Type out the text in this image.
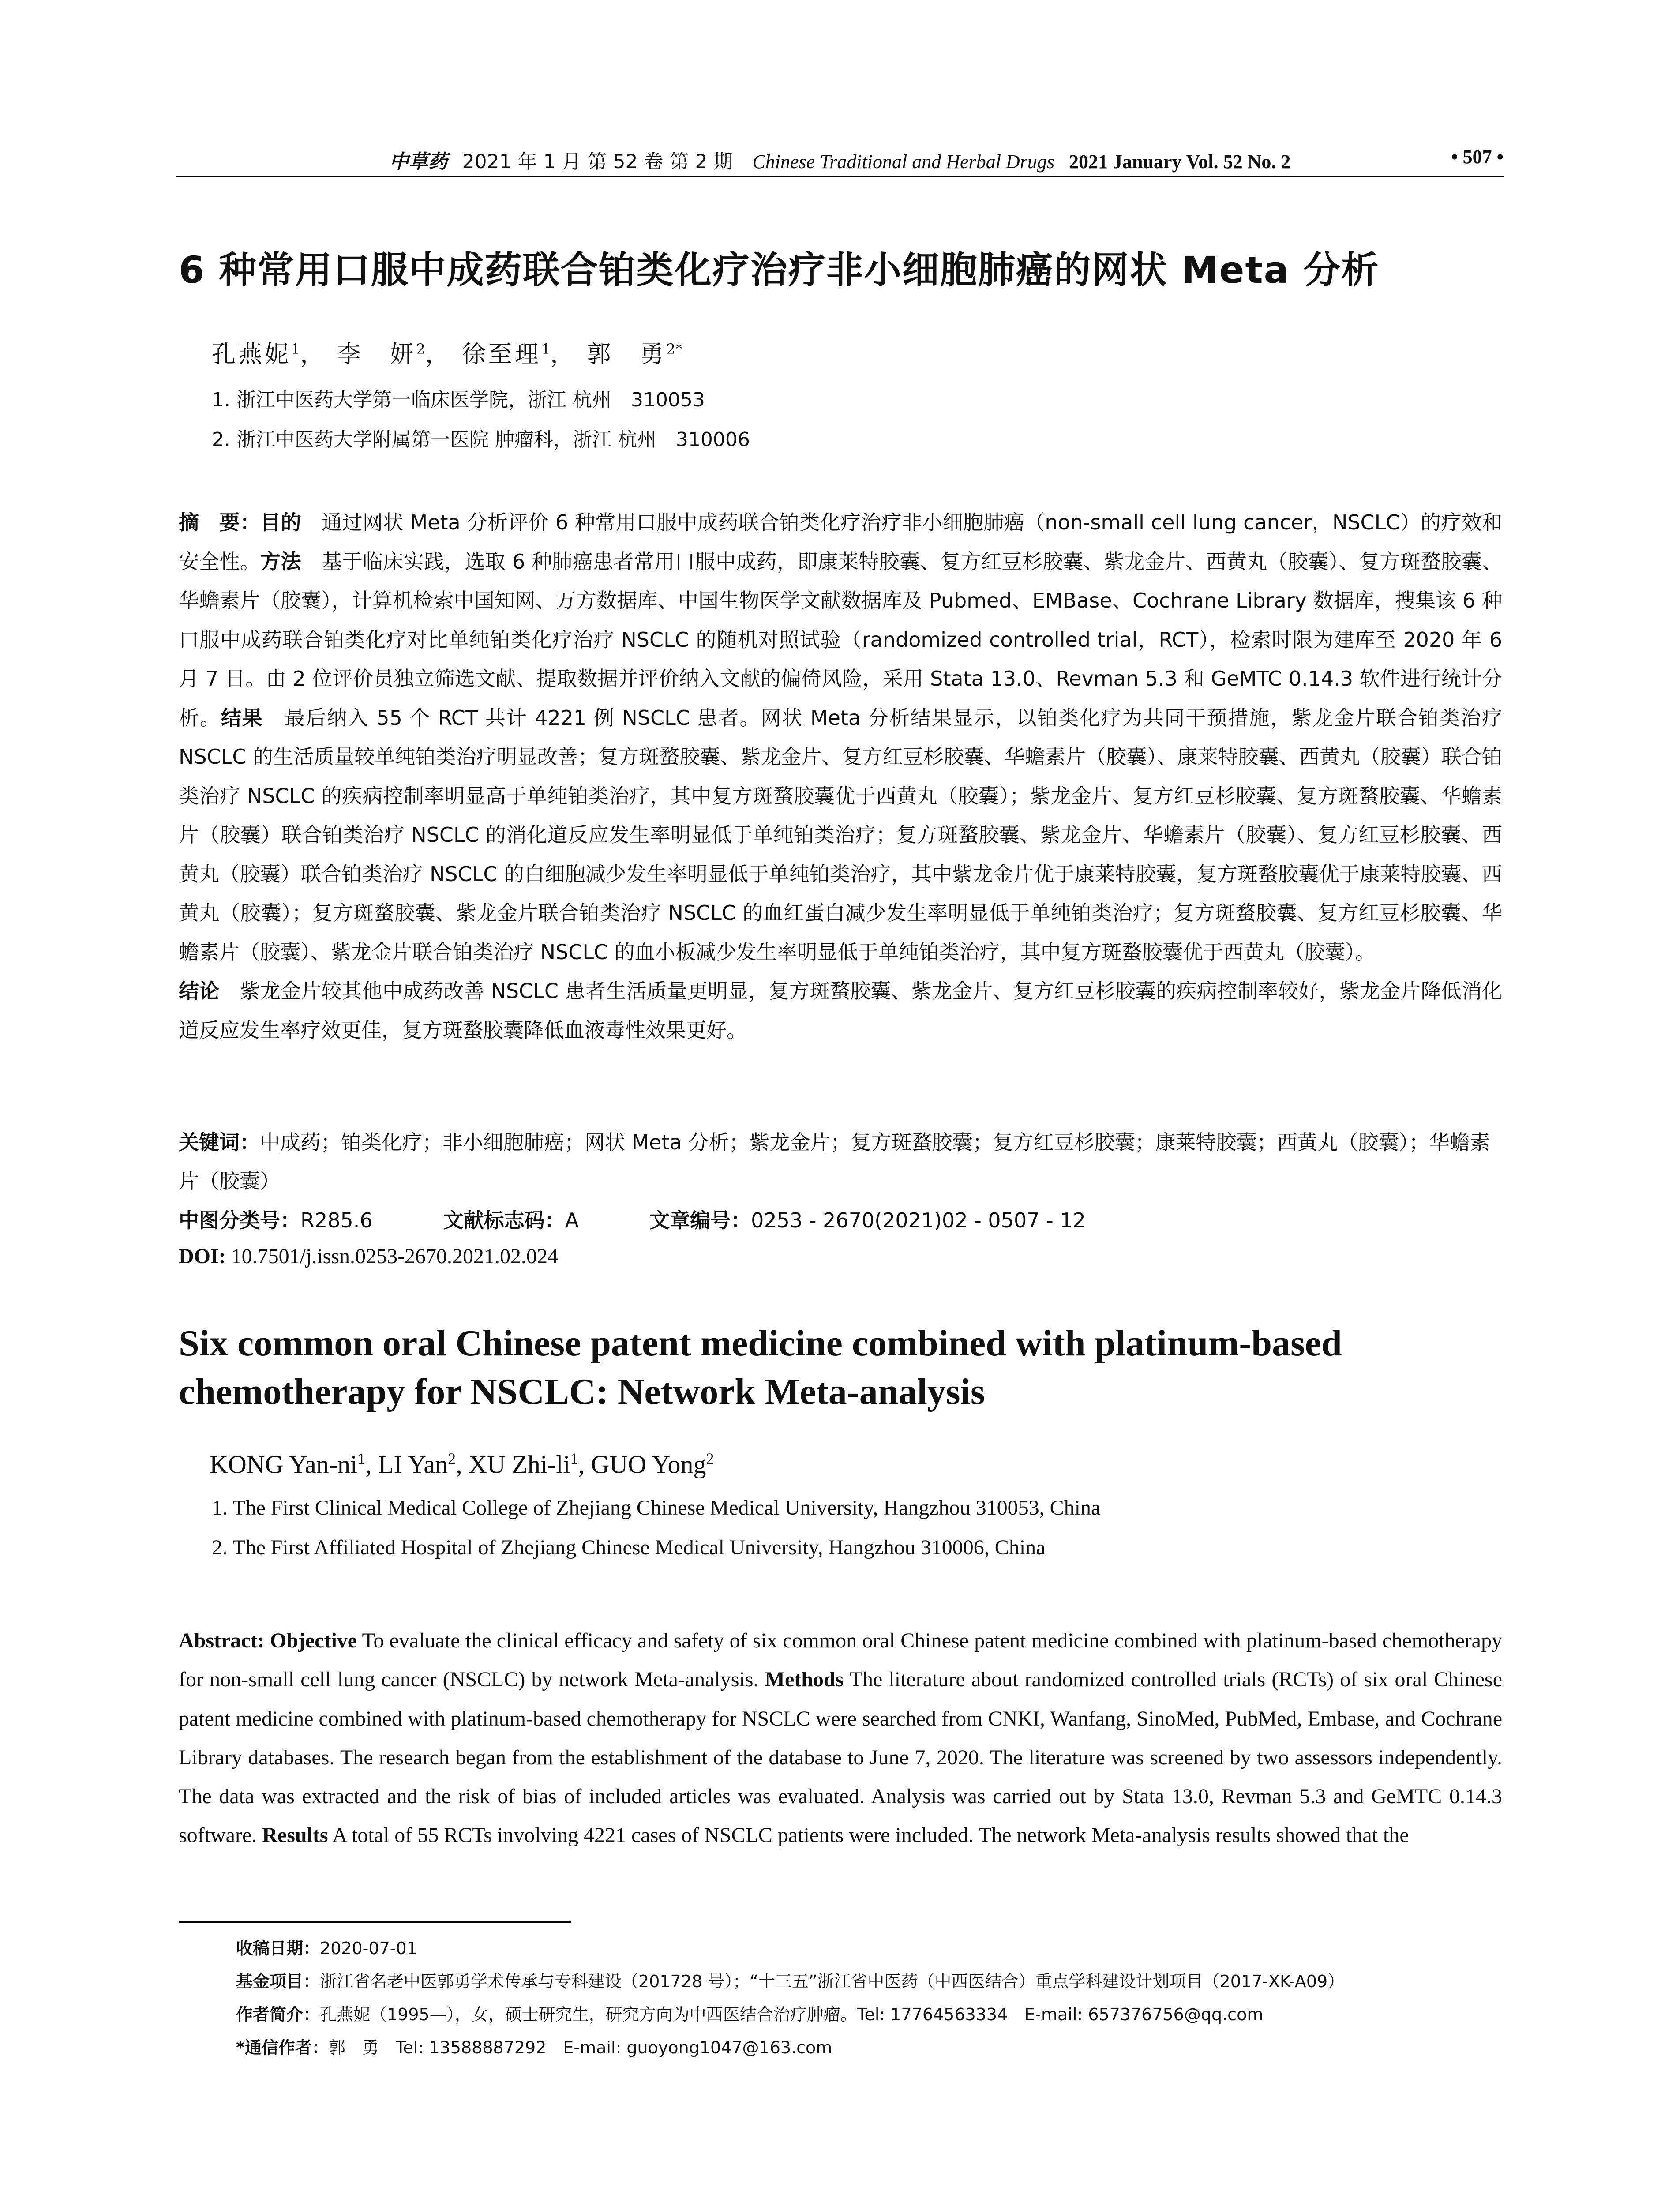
中草药 2021 年 1 月 第 52 卷 第 2 期 Chinese Traditional and Herbal Drugs 2021 January Vol. 52 No. 2	• 507 •
6 种常用口服中成药联合铂类化疗治疗非小细胞肺癌的网状 Meta 分析
孔燕妮$^1$， 李　妍$^2$， 徐至理$^1$， 郭　勇$^{2*}$
1. 浙江中医药大学第一临床医学院，浙江 杭州　310053
2. 浙江中医药大学附属第一医院 肿瘤科，浙江 杭州　310006
摘　要：目的　通过网状 Meta 分析评价 6 种常用口服中成药联合铂类化疗治疗非小细胞肺癌（non-small cell lung cancer，NSCLC）的疗效和安全性。方法　基于临床实践，选取 6 种肺癌患者常用口服中成药，即康莱特胶囊、复方红豆杉胶囊、紫龙金片、西黄丸（胶囊）、复方斑蝥胶囊、华蟾素片（胶囊），计算机检索中国知网、万方数据库、中国生物医学文献数据库及 Pubmed、EMBase、Cochrane Library 数据库，搜集该 6 种口服中成药联合铂类化疗对比单纯铂类化疗治疗 NSCLC 的随机对照试验（randomized controlled trial，RCT），检索时限为建库至 2020 年 6 月 7 日。由 2 位评价员独立筛选文献、提取数据并评价纳入文献的偏倚风险，采用 Stata 13.0、Revman 5.3 和 GeMTC 0.14.3 软件进行统计分析。结果　最后纳入 55 个 RCT 共计 4221 例 NSCLC 患者。网状 Meta 分析结果显示，以铂类化疗为共同干预措施，紫龙金片联合铂类治疗 NSCLC 的生活质量较单纯铂类治疗明显改善；复方斑蝥胶囊、紫龙金片、复方红豆杉胶囊、华蟾素片（胶囊）、康莱特胶囊、西黄丸（胶囊）联合铂类治疗 NSCLC 的疾病控制率明显高于单纯铂类治疗，其中复方斑蝥胶囊优于西黄丸（胶囊）；紫龙金片、复方红豆杉胶囊、复方斑蝥胶囊、华蟾素片（胶囊）联合铂类治疗 NSCLC 的消化道反应发生率明显低于单纯铂类治疗；复方斑蝥胶囊、紫龙金片、华蟾素片（胶囊）、复方红豆杉胶囊、西黄丸（胶囊）联合铂类治疗 NSCLC 的白细胞减少发生率明显低于单纯铂类治疗，其中紫龙金片优于康莱特胶囊，复方斑蝥胶囊优于康莱特胶囊、西黄丸（胶囊）；复方斑蝥胶囊、紫龙金片联合铂类治疗 NSCLC 的血红蛋白减少发生率明显低于单纯铂类治疗；复方斑蝥胶囊、复方红豆杉胶囊、华蟾素片（胶囊）、紫龙金片联合铂类治疗 NSCLC 的血小板减少发生率明显低于单纯铂类治疗，其中复方斑蝥胶囊优于西黄丸（胶囊）。
结论　紫龙金片较其他中成药改善 NSCLC 患者生活质量更明显，复方斑蝥胶囊、紫龙金片、复方红豆杉胶囊的疾病控制率较好，紫龙金片降低消化道反应发生率疗效更佳，复方斑蝥胶囊降低血液毒性效果更好。
关键词：中成药；铂类化疗；非小细胞肺癌；网状 Meta 分析；紫龙金片；复方斑蝥胶囊；复方红豆杉胶囊；康莱特胶囊；西黄丸（胶囊）；华蟾素片（胶囊）
中图分类号：R285.6	文献标志码：A	文章编号：0253 - 2670(2021)02 - 0507 - 12
DOI: 10.7501/j.issn.0253-2670.2021.02.024
Six common oral Chinese patent medicine combined with platinum-based chemotherapy for NSCLC: Network Meta-analysis
KONG Yan-$ni^1$, LI Yan$^2$, XU Zhi-$li^1$, GUO Yong$^2$
1. The First Clinical Medical College of Zhejiang Chinese Medical University, Hangzhou 310053, China
2. The First Affiliated Hospital of Zhejiang Chinese Medical University, Hangzhou 310006, China
Abstract: Objective To evaluate the clinical efficacy and safety of six common oral Chinese patent medicine combined with platinum-based chemotherapy for non-small cell lung cancer (NSCLC) by network Meta-analysis. Methods The literature about randomized controlled trials (RCTs) of six oral Chinese patent medicine combined with platinum-based chemotherapy for NSCLC were searched from CNKI, Wanfang, SinoMed, PubMed, Embase, and Cochrane Library databases. The research began from the establishment of the database to June 7, 2020. The literature was screened by two assessors independently. The data was extracted and the risk of bias of included articles was evaluated. Analysis was carried out by Stata 13.0, Revman 5.3 and GeMTC 0.14.3 software. Results A total of 55 RCTs involving 4221 cases of NSCLC patients were included. The network Meta-analysis results showed that the
收稿日期：2020-07-01
基金项目：浙江省名老中医郭勇学术传承与专科建设（201728 号）；“十三五”浙江省中医药（中西医结合）重点学科建设计划项目（2017-XK-A09）
作者简介：孔燕妮（1995—），女，硕士研究生，研究方向为中西医结合治疗肿瘤。Tel: 17764563334　E-mail: 657376756@qq.com
*通信作者：郭　勇　Tel: 13588887292　E-mail: guoyong1047@163.com
